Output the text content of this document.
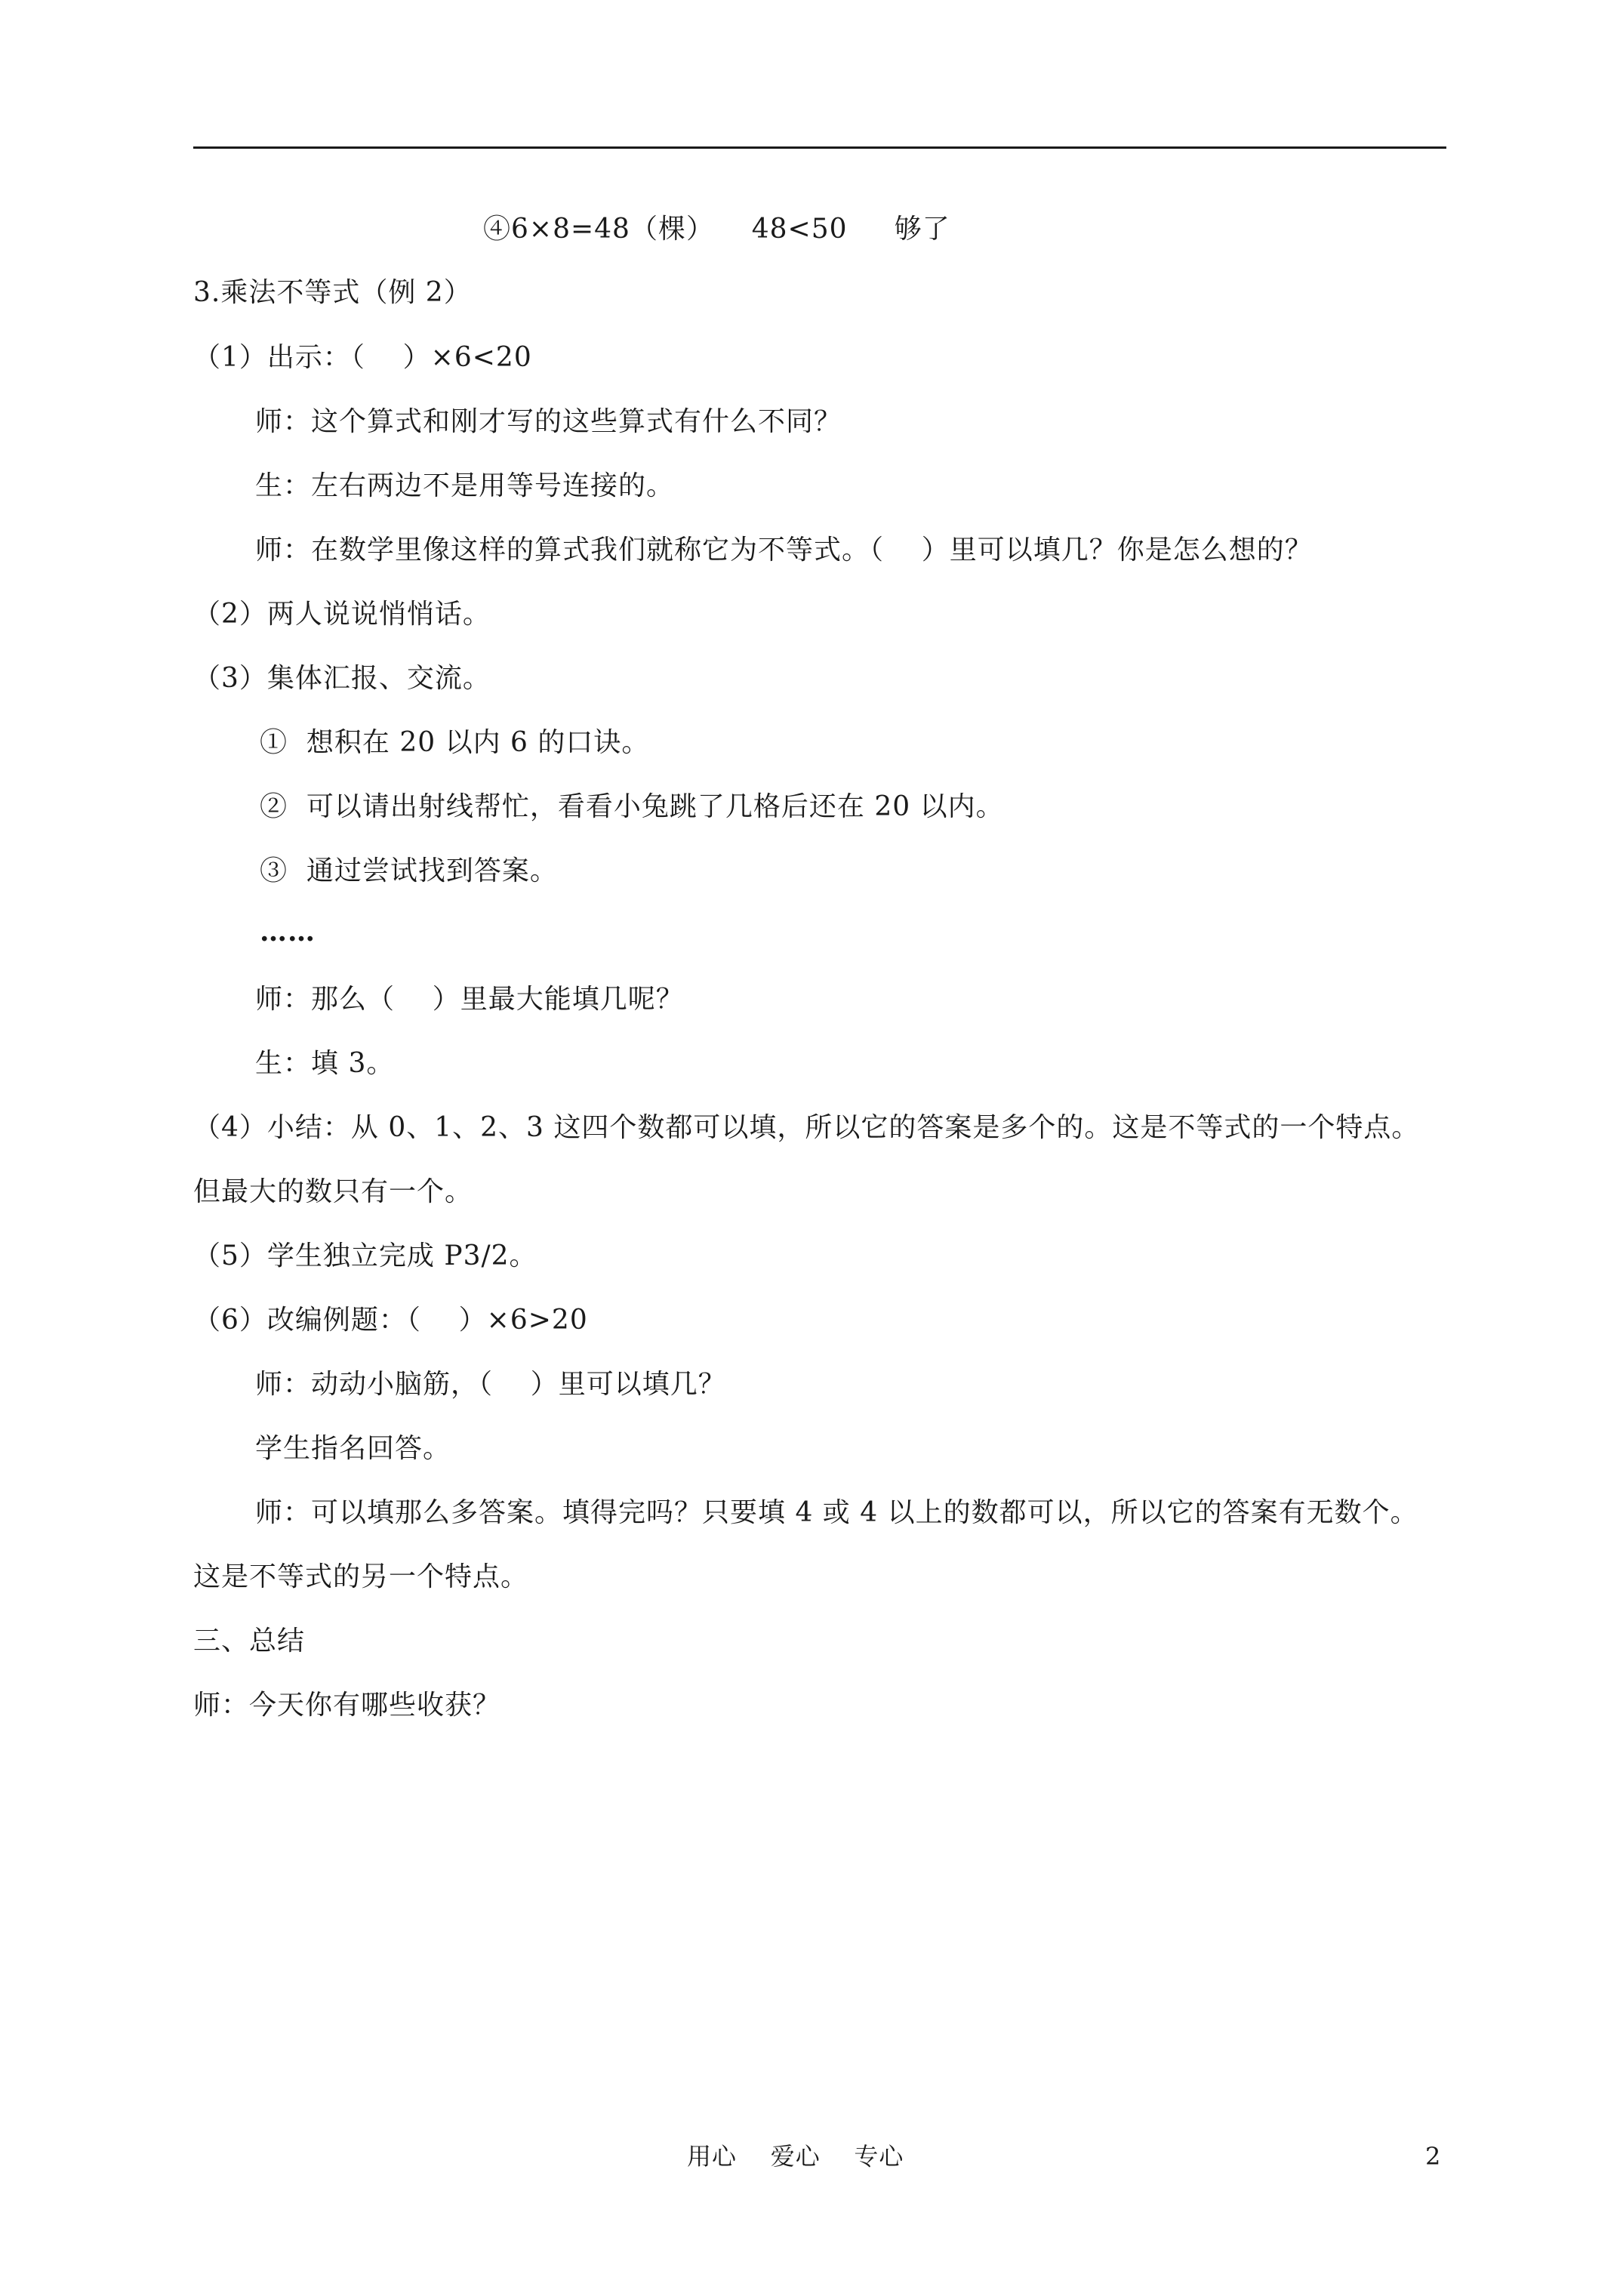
④6×8=48（棵）    48<50     够了
3.乘法不等式（例 2）
（1）出示：（    ）×6<20
师：这个算式和刚才写的这些算式有什么不同？
生：左右两边不是用等号连接的。
师：在数学里像这样的算式我们就称它为不等式。（    ）里可以填几？你是怎么想的？
（2）两人说说悄悄话。
（3）集体汇报、交流。
①  想积在 20 以内 6 的口诀。
②  可以请出射线帮忙，看看小兔跳了几格后还在 20 以内。
③  通过尝试找到答案。
……
师：那么（    ）里最大能填几呢？
生：填 3。
（4）小结：从 0、1、2、3 这四个数都可以填，所以它的答案是多个的。这是不等式的一个特点。
但最大的数只有一个。
（5）学生独立完成 P3/2。
（6）改编例题：（    ）×6>20
师：动动小脑筋，（    ）里可以填几？
学生指名回答。
师：可以填那么多答案。填得完吗？只要填 4 或 4 以上的数都可以，所以它的答案有无数个。
这是不等式的另一个特点。
三、总结
师：今天你有哪些收获？
用心    爱心    专心	2
